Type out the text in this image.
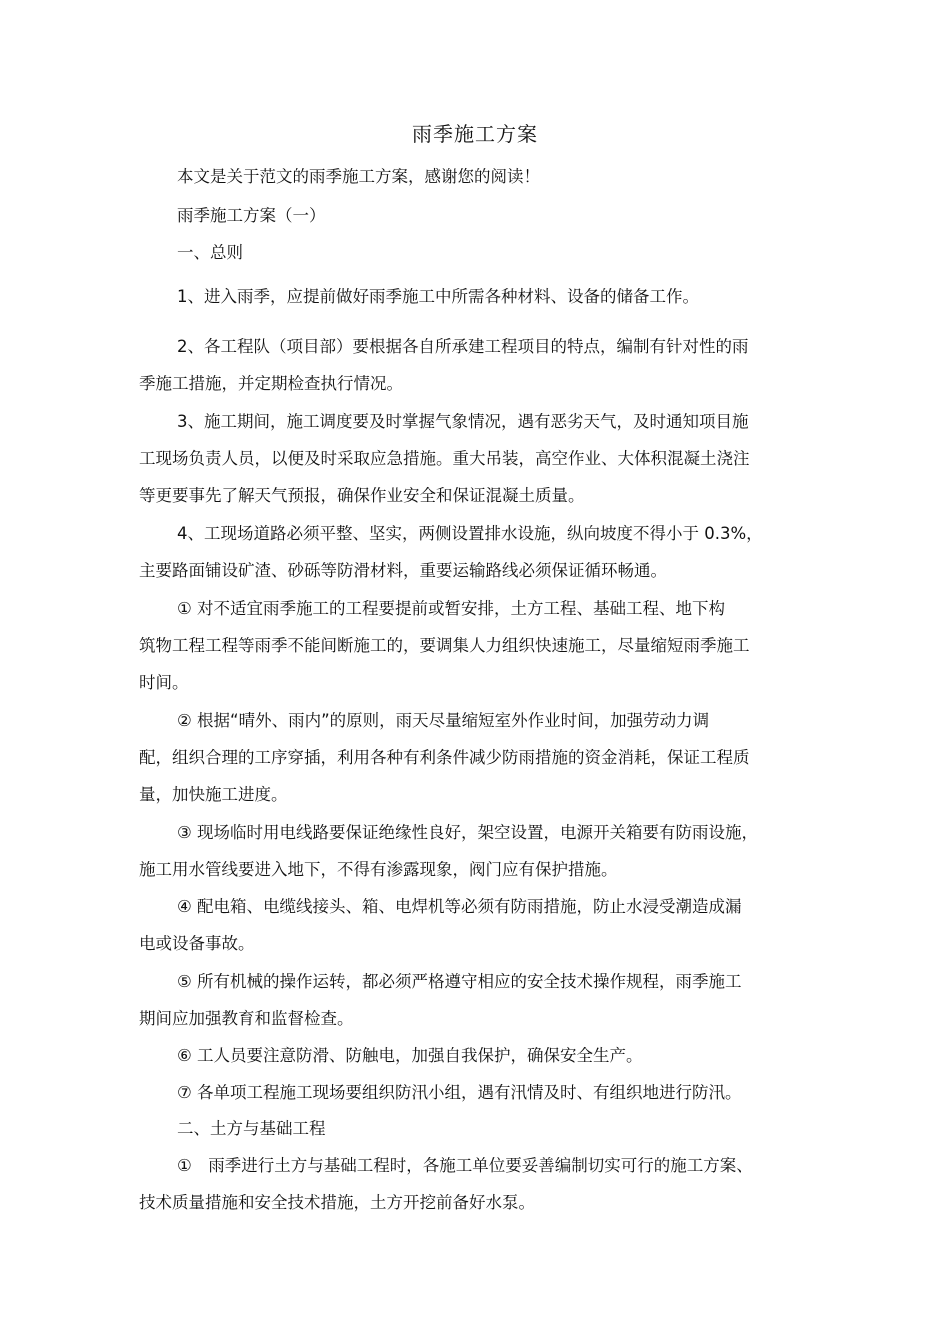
雨季施工方案
本文是关于范文的雨季施工方案，感谢您的阅读！
雨季施工方案（一）
一、总则
1、进入雨季，应提前做好雨季施工中所需各种材料、设备的储备工作。
2、各工程队（项目部）要根据各自所承建工程项目的特点，编制有针对性的雨
季施工措施，并定期检查执行情况。
3、施工期间，施工调度要及时掌握气象情况，遇有恶劣天气，及时通知项目施
工现场负责人员，以便及时采取应急措施。重大吊装，高空作业、大体积混凝土浇注
等更要事先了解天气预报，确保作业安全和保证混凝土质量。
4、工现场道路必须平整、坚实，两侧设置排水设施，纵向坡度不得小于 0.3%，
主要路面铺设矿渣、砂砾等防滑材料，重要运输路线必须保证循环畅通。
① 对不适宜雨季施工的工程要提前或暂安排，土方工程、基础工程、地下构
筑物工程工程等雨季不能间断施工的，要调集人力组织快速施工，尽量缩短雨季施工
时间。
② 根据“晴外、雨内”的原则，雨天尽量缩短室外作业时间，加强劳动力调
配，组织合理的工序穿插，利用各种有利条件减少防雨措施的资金消耗，保证工程质
量，加快施工进度。
③ 现场临时用电线路要保证绝缘性良好，架空设置，电源开关箱要有防雨设施，
施工用水管线要进入地下，不得有渗露现象，阀门应有保护措施。
④ 配电箱、电缆线接头、箱、电焊机等必须有防雨措施，防止水浸受潮造成漏
电或设备事故。
⑤ 所有机械的操作运转，都必须严格遵守相应的安全技术操作规程，雨季施工
期间应加强教育和监督检查。
⑥ 工人员要注意防滑、防触电，加强自我保护，确保安全生产。
⑦ 各单项工程施工现场要组织防汛小组，遇有汛情及时、有组织地进行防汛。
二、土方与基础工程
①　雨季进行土方与基础工程时，各施工单位要妥善编制切实可行的施工方案、
技术质量措施和安全技术措施，土方开挖前备好水泵。
